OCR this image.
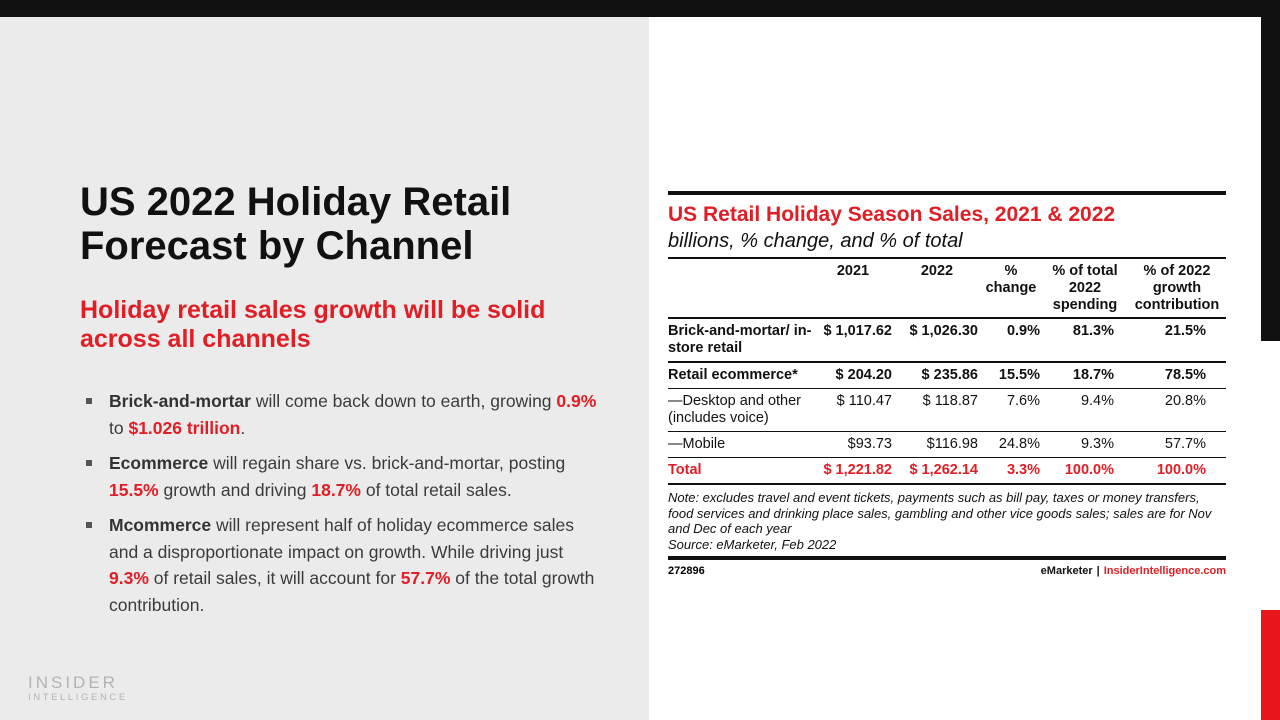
US 2022 Holiday Retail Forecast by Channel
Holiday retail sales growth will be solid across all channels
Brick-and-mortar will come back down to earth, growing 0.9% to $1.026 trillion.
Ecommerce will regain share vs. brick-and-mortar, posting 15.5% growth and driving 18.7% of total retail sales.
Mcommerce will represent half of holiday ecommerce sales and a disproportionate impact on growth. While driving just 9.3% of retail sales, it will account for 57.7% of the total growth contribution.
INSIDER
INTELLIGENCE
US Retail Holiday Season Sales, 2021 & 2022
billions, % change, and % of total
	2021	2022	% change	% of total 2022 spending	% of 2022 growth contribution
Brick-and-mortar/ in-store retail	$ 1,017.62	$ 1,026.30	0.9%	81.3%	21.5%
Retail ecommerce*	$ 204.20	$ 235.86	15.5%	18.7%	78.5%
—Desktop and other (includes voice)	$ 110.47	$ 118.87	7.6%	9.4%	20.8%
—Mobile	$93.73	$116.98	24.8%	9.3%	57.7%
Total	$ 1,221.82	$ 1,262.14	3.3%	100.0%	100.0%
Note: excludes travel and event tickets, payments such as bill pay, taxes or money transfers, food services and drinking place sales, gambling and other vice goods sales; sales are for Nov and Dec of each year
Source: eMarketer, Feb 2022
272896	eMarketer | InsiderIntelligence.com
